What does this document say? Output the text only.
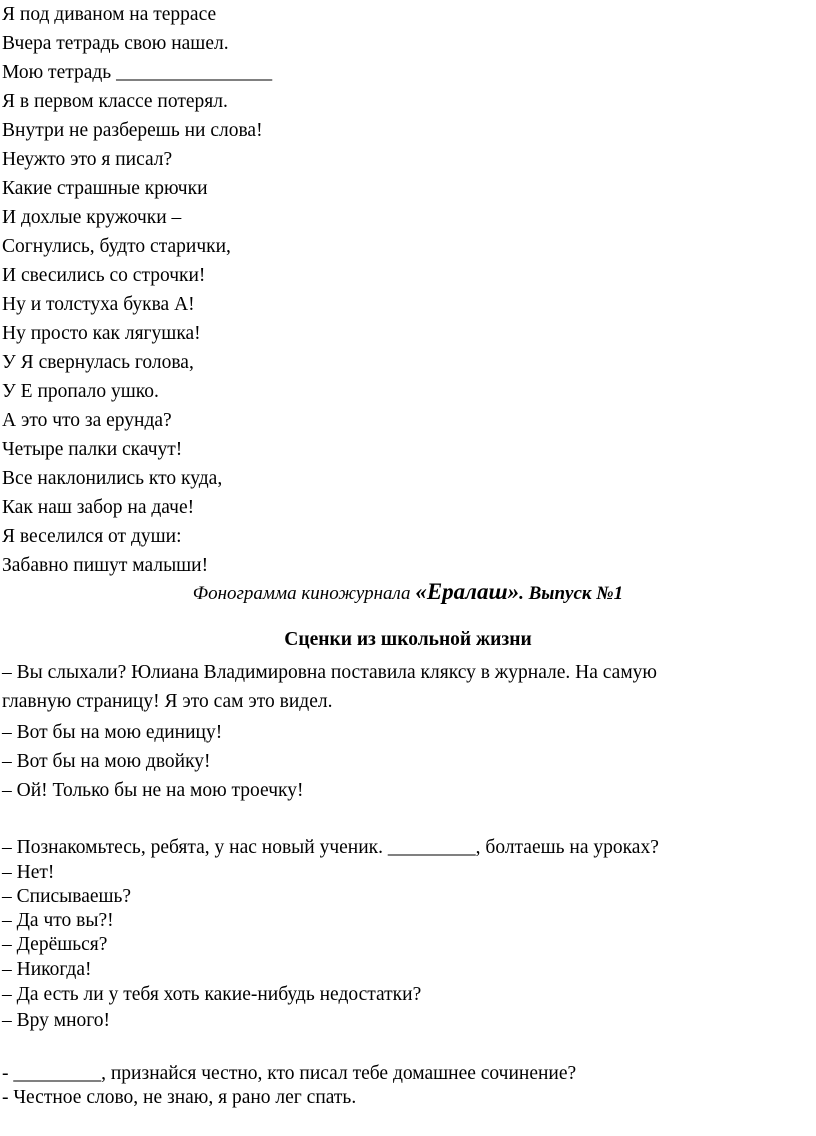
Я под диваном на террасе
Вчера тетрадь свою нашел.
Мою тетрадь ________________
Я в первом классе потерял.
Внутри не разберешь ни слова!
Неужто это я писал?
Какие страшные крючки
И дохлые кружочки –
Согнулись, будто старички,
И свесились со строчки!
Ну и толстуха буква А!
Ну просто как лягушка!
У Я свернулась голова,
У Е пропало ушко.
А это что за ерунда?
Четыре палки скачут!
Все наклонились кто куда,
Как наш забор на даче!
Я веселился от души:
Забавно пишут малыши!
Фонограмма киножурнала «Ералаш». Выпуск №1
Сценки из школьной жизни
– Вы слыхали? Юлиана Владимировна поставила кляксу в журнале. На самую
главную страницу! Я это сам это видел.
– Вот бы на мою единицу!
– Вот бы на мою двойку!
– Ой! Только бы не на мою троечку!
– Познакомьтесь, ребята, у нас новый ученик. _________, болтаешь на уроках?
– Нет!
– Списываешь?
– Да что вы?!
– Дерёшься?
– Никогда!
– Да есть ли у тебя хоть какие-нибудь недостатки?
– Вру много!
- _________, признайся честно, кто писал тебе домашнее сочинение?
- Честное слово, не знаю, я рано лег спать.
